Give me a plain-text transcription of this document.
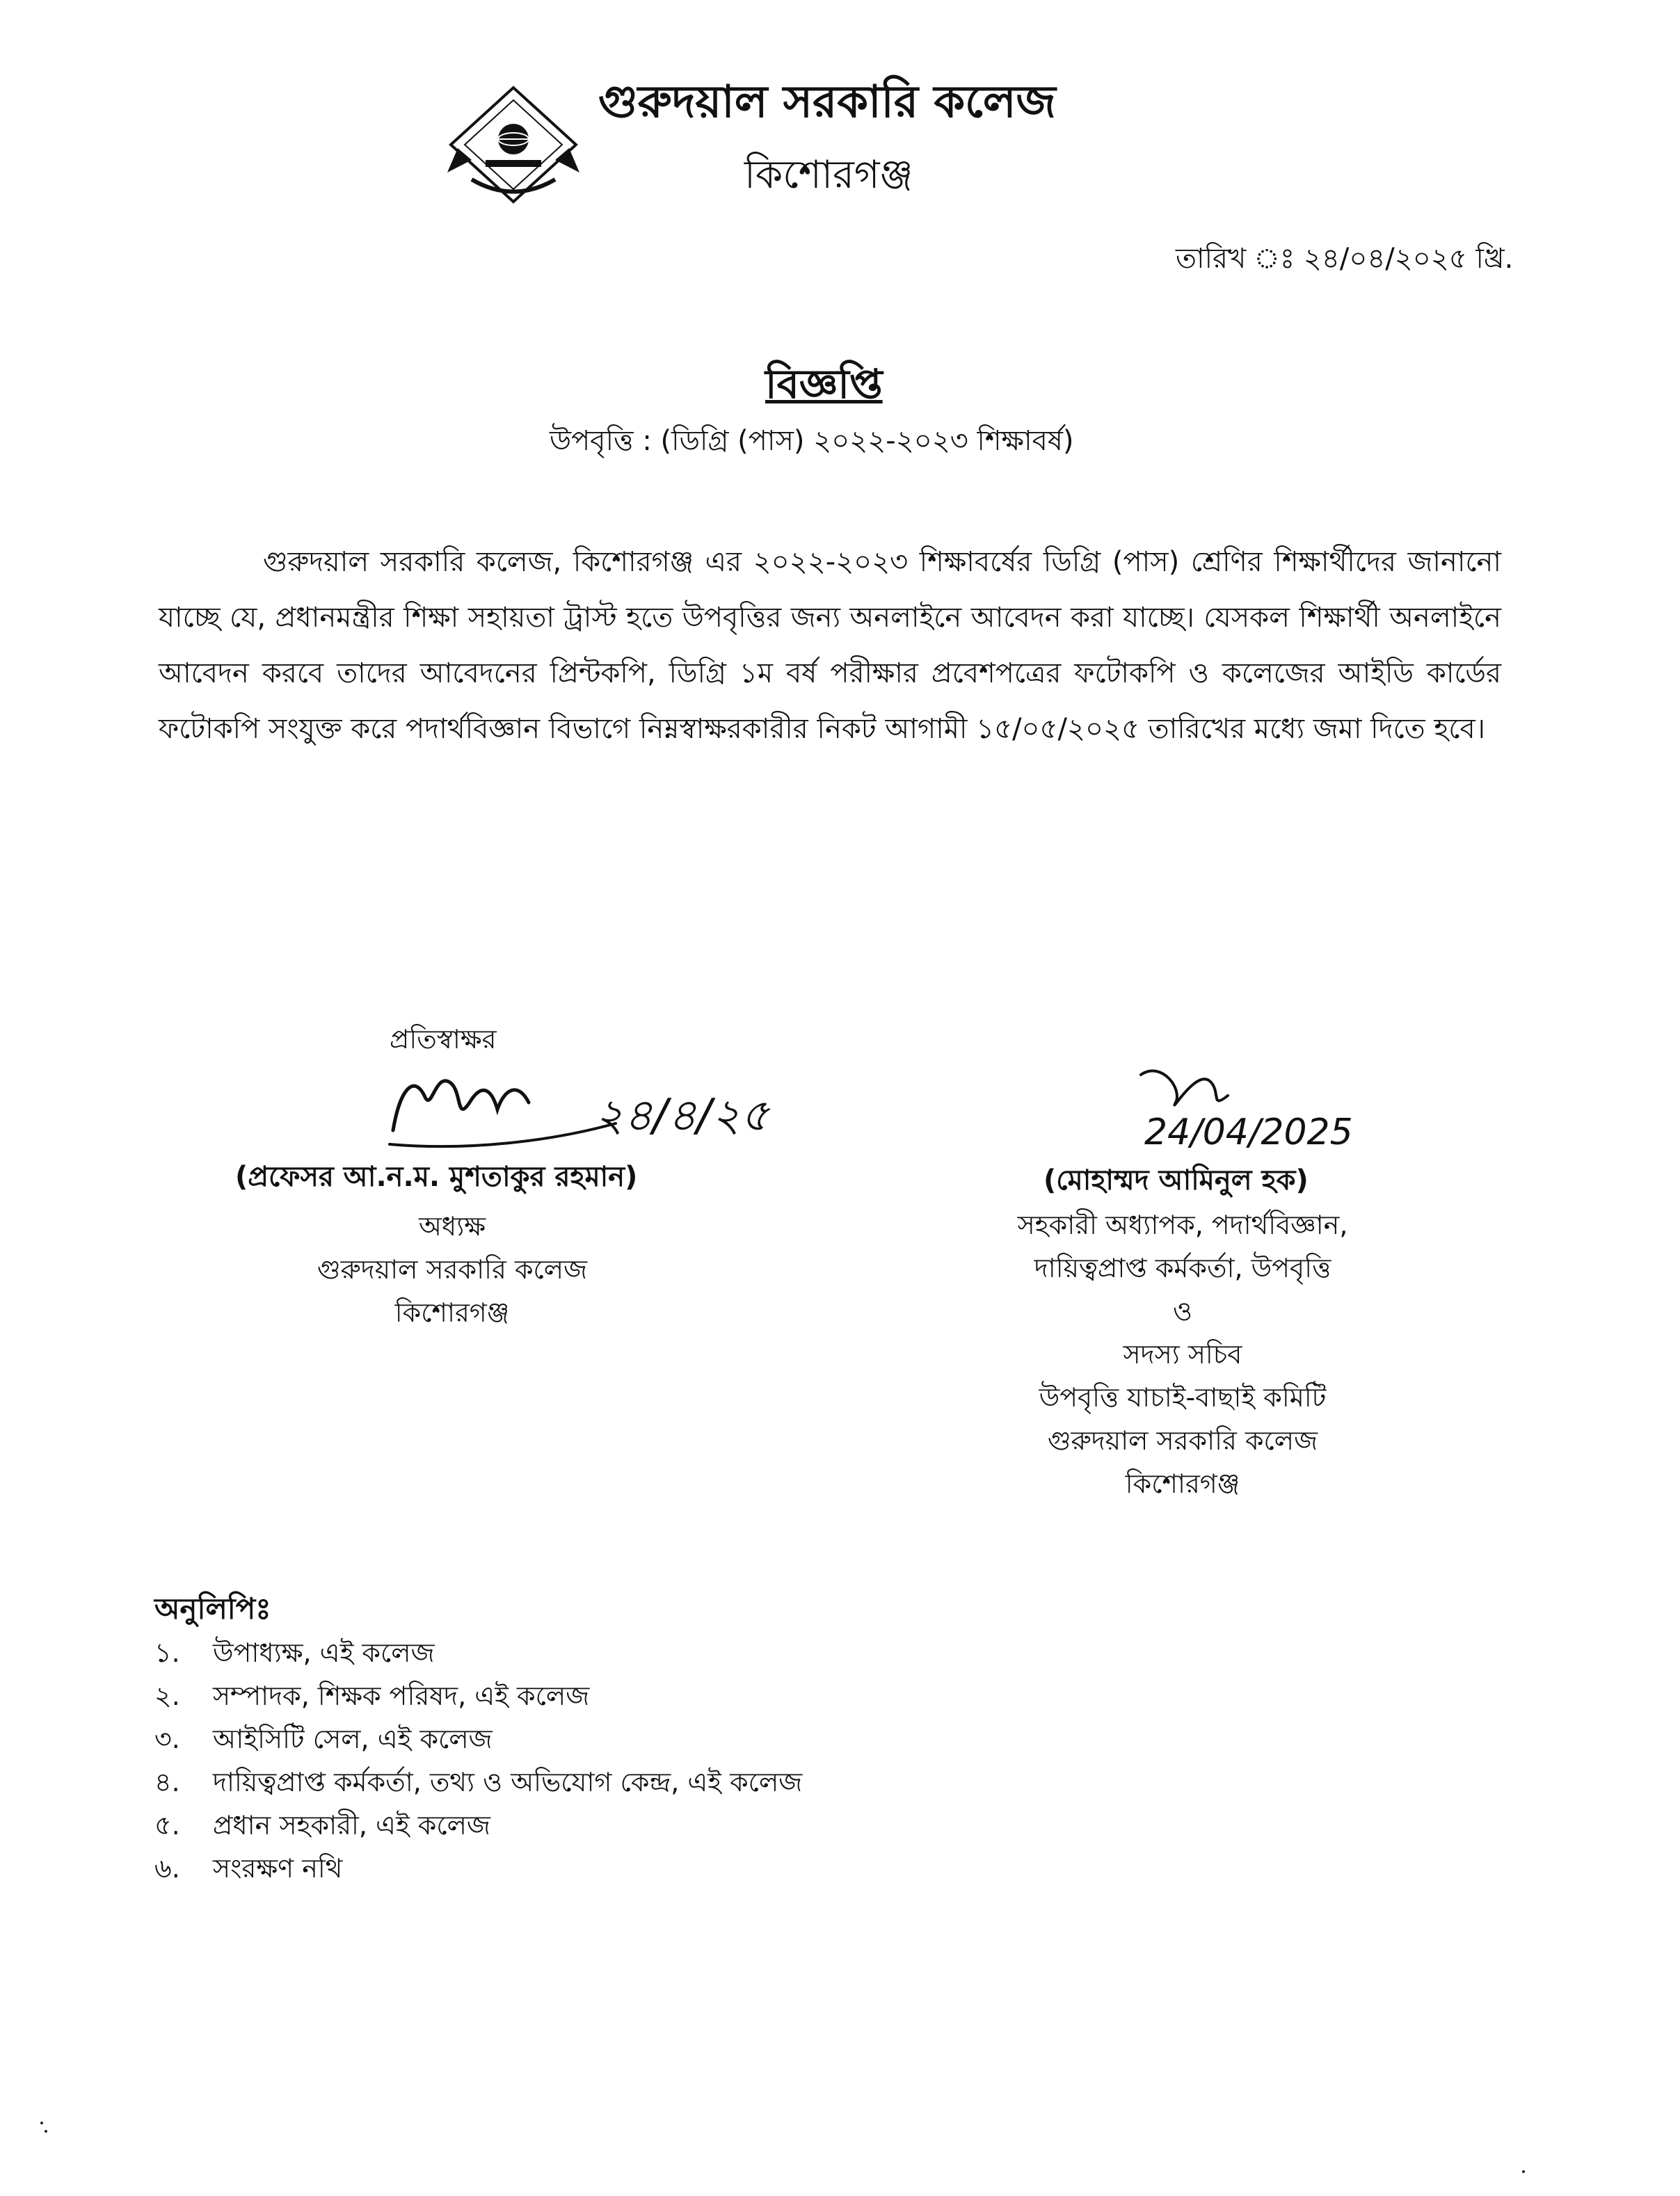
গুরুদয়াল সরকারি কলেজ
কিশোরগঞ্জ
তারিখ ঃ ২৪/০৪/২০২৫ খ্রি.
বিজ্ঞপ্তি
উপবৃত্তি : (ডিগ্রি (পাস) ২০২২-২০২৩ শিক্ষাবর্ষ)
গুরুদয়াল সরকারি কলেজ, কিশোরগঞ্জ এর ২০২২-২০২৩ শিক্ষাবর্ষের ডিগ্রি (পাস) শ্রেণির শিক্ষার্থীদের জানানো যাচ্ছে যে, প্রধানমন্ত্রীর শিক্ষা সহায়তা ট্রাস্ট হতে উপবৃত্তির জন্য অনলাইনে আবেদন করা যাচ্ছে। যেসকল শিক্ষার্থী অনলাইনে আবেদন করবে তাদের আবেদনের প্রিন্টকপি, ডিগ্রি ১ম বর্ষ পরীক্ষার প্রবেশপত্রের ফটোকপি ও কলেজের আইডি কার্ডের ফটোকপি সংযুক্ত করে পদার্থবিজ্ঞান বিভাগে নিম্নস্বাক্ষরকারীর নিকট আগামী ১৫/০৫/২০২৫ তারিখের মধ্যে জমা দিতে হবে।
প্রতিস্বাক্ষর
২৪/৪/২৫
(প্রফেসর আ.ন.ম. মুশতাকুর রহমান)
অধ্যক্ষ
গুরুদয়াল সরকারি কলেজ
কিশোরগঞ্জ
24/04/2025
(মোহাম্মদ আমিনুল হক)
সহকারী অধ্যাপক, পদার্থবিজ্ঞান,
দায়িত্বপ্রাপ্ত কর্মকর্তা, উপবৃত্তি
ও
সদস্য সচিব
উপবৃত্তি যাচাই-বাছাই কমিটি
গুরুদয়াল সরকারি কলেজ
কিশোরগঞ্জ
অনুলিপিঃ
১.	উপাধ্যক্ষ, এই কলেজ
২.	সম্পাদক, শিক্ষক পরিষদ, এই কলেজ
৩.	আইসিটি সেল, এই কলেজ
৪.	দায়িত্বপ্রাপ্ত কর্মকর্তা, তথ্য ও অভিযোগ কেন্দ্র, এই কলেজ
৫.	প্রধান সহকারী, এই কলেজ
৬.	সংরক্ষণ নথি
